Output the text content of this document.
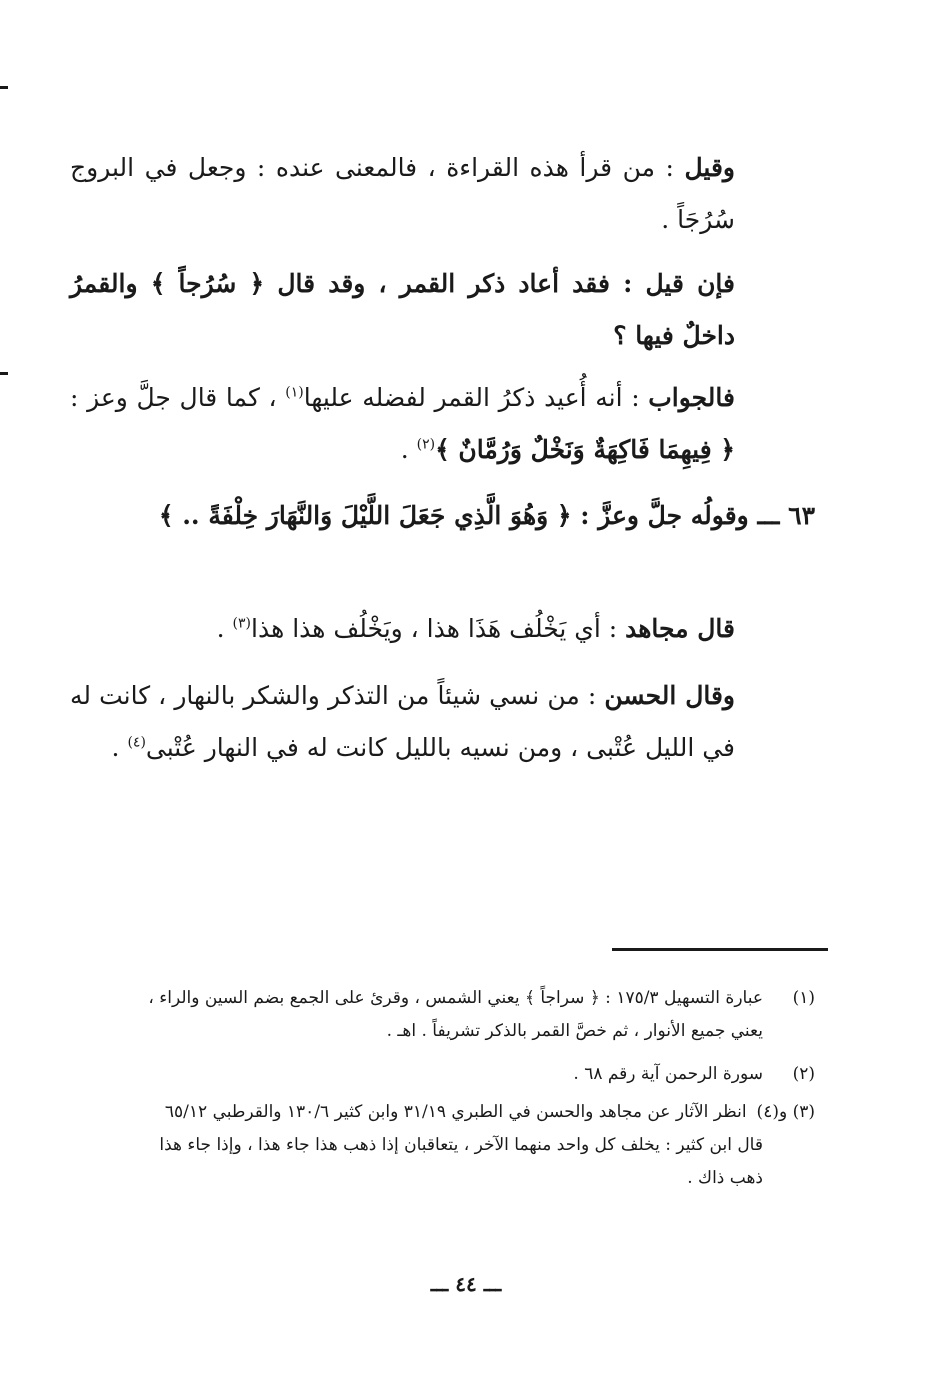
وقيل : من قرأ هذه القراءة ، فالمعنى عنده : وجعل في البروج سُرُجَاً .
فإن قيل : فقد أعاد ذكر القمر ، وقد قال ﴿ سُرُجاً ﴾ والقمرُ داخلٌ فيها ؟
فالجواب : أنه أُعيد ذكرُ القمر لفضله عليها$^{(١)}$ ، كما قال جلَّ وعز : ﴿ فِيهِمَا فَاكِهَةٌ وَنَخْلٌ وَرُمَّانٌ ﴾$^{(٢)}$ .
٦٣ ـــ وقولُه جلَّ وعزَّ : ﴿ وَهُوَ الَّذِي جَعَلَ اللَّيْلَ وَالنَّهَارَ خِلْفَةً .. ﴾
قال مجاهد : أي يَخْلُف هَذَا هذا ، ويَخْلُف هذا هذا$^{(٣)}$ .
وقال الحسن : من نسي شيئاً من التذكر والشكر بالنهار ، كانت له في الليل عُتْبى ، ومن نسيه بالليل كانت له في النهار عُتْبى$^{(٤)}$ .
(١)عبارة التسهيل ١٧٥/٣ : ﴿ سراجاً ﴾ يعني الشمس ، وقرئ على الجمع بضم السين والراء ،
يعني جميع الأنوار ، ثم خصَّ القمر بالذكر تشريفاً . اهـ .
(٢)سورة الرحمن آية رقم ٦٨ .
(٣) و(٤)انظر الآثار عن مجاهد والحسن في الطبري ٣١/١٩ وابن كثير ١٣٠/٦ والقرطبي ٦٥/١٢
قال ابن كثير : يخلف كل واحد منهما الآخر ، يتعاقبان إذا ذهب هذا جاء هذا ، وإذا جاء هذا
ذهب ذاك .
ـــ ٤٤ ـــ
